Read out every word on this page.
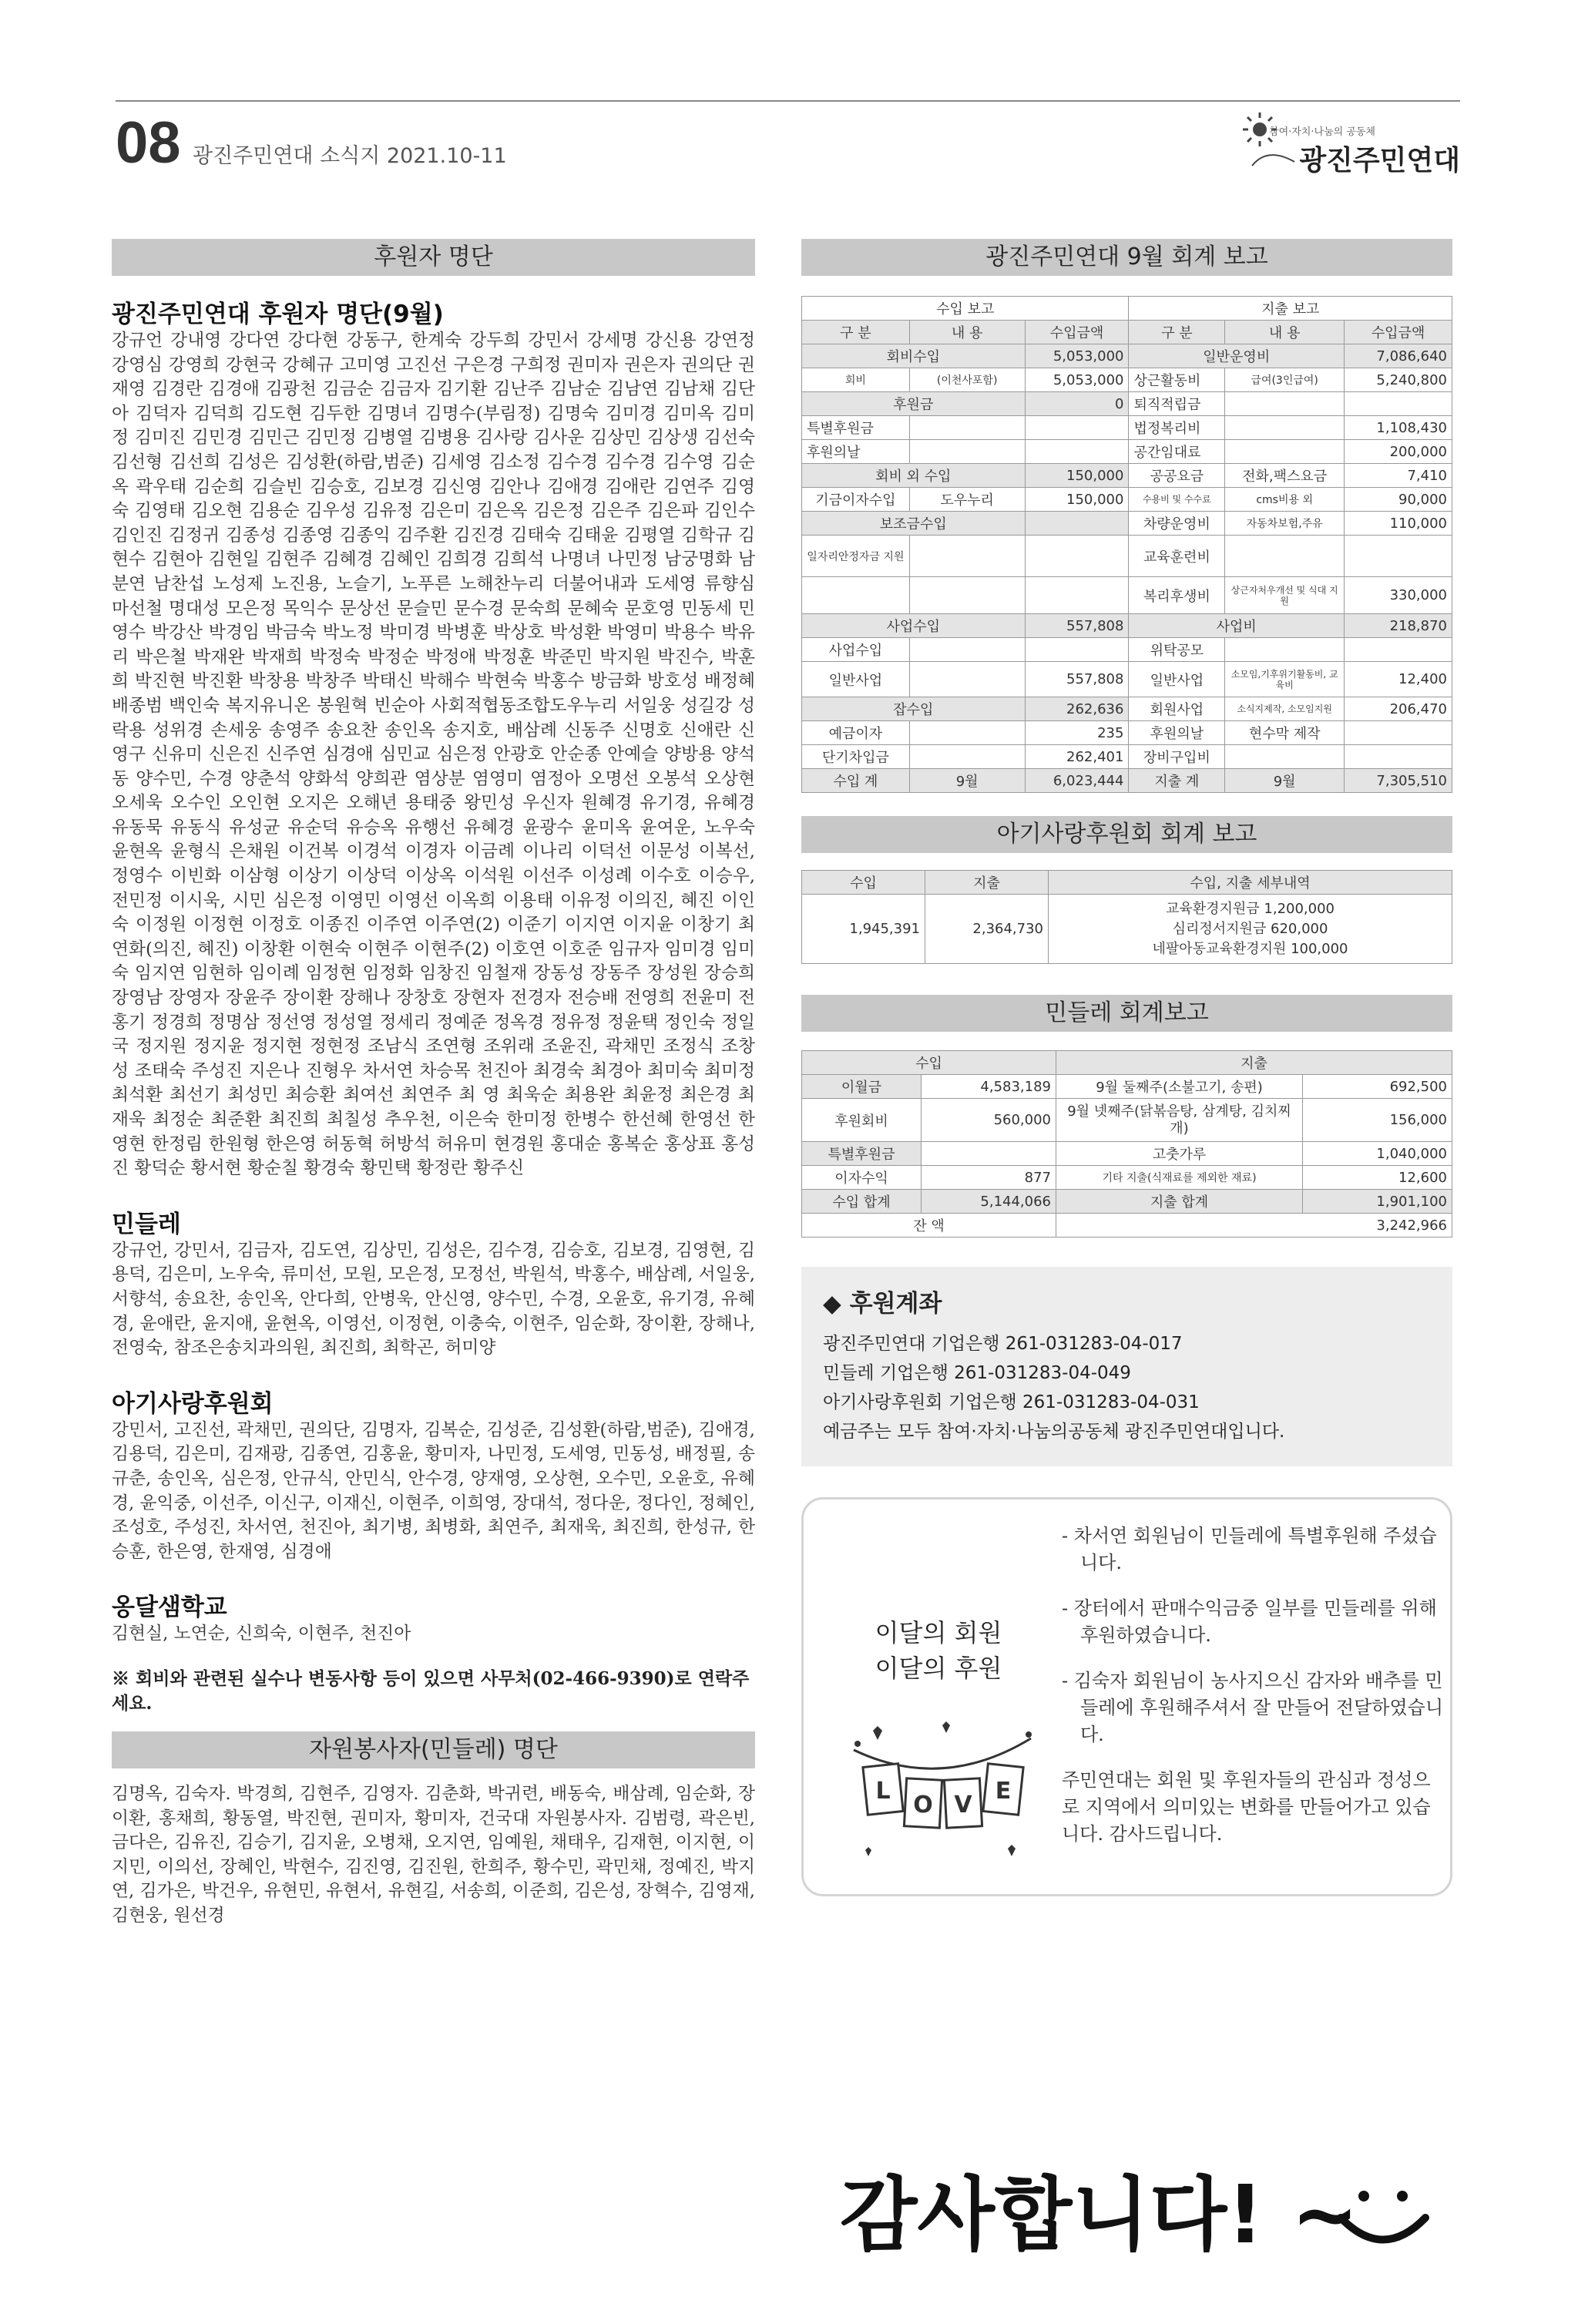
08 광진주민연대 소식지 2021.10-11
참여·자치·나눔의 공동체
광진주민연대
후원자 명단
광진주민연대 후원자 명단(9월)
강규언 강내영 강다연 강다현 강동구, 한계숙 강두희 강민서 강세명 강신용 강연정 강영심 강영희 강현국 강혜규 고미영 고진선 구은경 구희정 권미자 권은자 권의단 권재영 김경란 김경애 김광천 김금순 김금자 김기환 김난주 김남순 김남연 김남채 김단아 김덕자 김덕희 김도현 김두한 김명녀 김명수(부림정) 김명숙 김미경 김미옥 김미정 김미진 김민경 김민근 김민정 김병열 김병용 김사랑 김사운 김상민 김상생 김선숙 김선형 김선희 김성은 김성환(하람,범준) 김세영 김소정 김수경 김수경 김수영 김순옥 곽우태 김순희 김슬빈 김승호, 김보경 김신영 김안나 김애경 김애란 김연주 김영숙 김영태 김오현 김용순 김우성 김유정 김은미 김은옥 김은정 김은주 김은파 김인수 김인진 김정귀 김종성 김종영 김종익 김주환 김진경 김태숙 김태윤 김평열 김학규 김현수 김현아 김현일 김현주 김혜경 김혜인 김희경 김희석 나명녀 나민정 남궁명화 남분연 남찬섭 노성제 노진용, 노슬기, 노푸른 노해찬누리 더불어내과 도세영 류향심 마선철 명대성 모은정 목익수 문상선 문슬민 문수경 문숙희 문혜숙 문호영 민동세 민영수 박강산 박경임 박금숙 박노정 박미경 박병훈 박상호 박성환 박영미 박용수 박유리 박은철 박재완 박재희 박정숙 박정순 박정애 박정훈 박준민 박지원 박진수, 박훈희 박진현 박진환 박창용 박창주 박태신 박해수 박현숙 박홍수 방금화 방호성 배정혜 배종범 백인숙 복지유니온 봉원혁 빈순아 사회적협동조합도우누리 서일웅 성길강 성락용 성위경 손세웅 송영주 송요찬 송인옥 송지호, 배삼례 신동주 신명호 신애란 신영구 신유미 신은진 신주연 심경애 심민교 심은정 안광호 안순종 안예슬 양방용 양석동 양수민, 수경 양춘석 양화석 양희관 염상분 염영미 염정아 오명선 오봉석 오상현 오세욱 오수인 오인현 오지은 오해년 용태중 왕민성 우신자 원혜경 유기경, 유혜경 유동묵 유동식 유성균 유순덕 유승옥 유행선 유혜경 윤광수 윤미옥 윤여운, 노우숙 윤현옥 윤형식 은채원 이건복 이경석 이경자 이금례 이나리 이덕선 이문성 이복선, 정영수 이빈화 이삼형 이상기 이상덕 이상옥 이석원 이선주 이성례 이수호 이승우, 전민정 이시욱, 시민 심은정 이영민 이영선 이옥희 이용태 이유정 이의진, 혜진 이인숙 이정원 이정현 이정호 이종진 이주연 이주연(2) 이준기 이지연 이지윤 이창기 최연화(의진, 혜진) 이창환 이현숙 이현주 이현주(2) 이호연 이호준 임규자 임미경 임미숙 임지연 임현하 임이례 임정현 임정화 임창진 임철재 장동성 장동주 장성원 장승희 장영남 장영자 장윤주 장이환 장해나 장창호 장현자 전경자 전승배 전영희 전윤미 전홍기 정경희 정명삼 정선영 정성열 정세리 정예준 정옥경 정유정 정윤택 정인숙 정일국 정지원 정지윤 정지현 정현정 조남식 조연형 조위래 조윤진, 곽채민 조정식 조창성 조태숙 주성진 지은나 진형우 차서연 차승목 천진아 최경숙 최경아 최미숙 최미정 최석환 최선기 최성민 최승환 최여선 최연주 최 영 최욱순 최용완 최윤정 최은경 최재욱 최정순 최준환 최진희 최칠성 추우천, 이은숙 한미정 한병수 한선혜 한영선 한영현 한정림 한원형 한은영 허동혁 허방석 허유미 현경원 홍대순 홍복순 홍상표 홍성진 황덕순 황서현 황순칠 황경숙 황민택 황정란 황주신
민들레
강규언, 강민서, 김금자, 김도연, 김상민, 김성은, 김수경, 김승호, 김보경, 김영현, 김용덕, 김은미, 노우숙, 류미선, 모원, 모은정, 모정선, 박원석, 박홍수, 배삼례, 서일웅, 서향석, 송요찬, 송인옥, 안다희, 안병욱, 안신영, 양수민, 수경, 오윤호, 유기경, 유혜경, 윤애란, 윤지애, 윤현옥, 이영선, 이정현, 이충숙, 이현주, 임순화, 장이환, 장해나, 전영숙, 참조은송치과의원, 최진희, 최학곤, 허미양
아기사랑후원회
강민서, 고진선, 곽채민, 권의단, 김명자, 김복순, 김성준, 김성환(하람,범준), 김애경, 김용덕, 김은미, 김재광, 김종연, 김홍윤, 황미자, 나민정, 도세영, 민동성, 배정필, 송규춘, 송인옥, 심은정, 안규식, 안민식, 안수경, 양재영, 오상현, 오수민, 오윤호, 유혜경, 윤익중, 이선주, 이신구, 이재신, 이현주, 이희영, 장대석, 정다운, 정다인, 정혜인, 조성호, 주성진, 차서연, 천진아, 최기병, 최병화, 최연주, 최재욱, 최진희, 한성규, 한승훈, 한은영, 한재영, 심경애
옹달샘학교
김현실, 노연순, 신희숙, 이현주, 천진아
※ 회비와 관련된 실수나 변동사항 등이 있으면 사무처(02-466-9390)로 연락주세요.
자원봉사자(민들레) 명단
김명옥, 김숙자. 박경희, 김현주, 김영자. 김춘화, 박귀련, 배동숙, 배삼례, 임순화, 장이환, 홍채희, 황동열, 박진현, 권미자, 황미자, 건국대 자원봉사자. 김범령, 곽은빈, 금다은, 김유진, 김승기, 김지윤, 오병채, 오지연, 임예원, 채태우, 김재현, 이지현, 이지민, 이의선, 장혜인, 박현수, 김진영, 김진원, 한희주, 황수민, 곽민채, 정예진, 박지연, 김가은, 박건우, 유현민, 유현서, 유현길, 서송희, 이준희, 김은성, 장혁수, 김영재, 김현웅, 원선경
광진주민연대 9월 회계 보고
수입 보고			지출 보고		
구 분	내 용	수입금액	구 분	내 용	수입금액
회비수입		5,053,000	일반운영비		7,086,640
회비	(이천사포함)	5,053,000	상근활동비	급여(3인급여)	5,240,800
후원금		0	퇴직적립금		
특별후원금			법정복리비		1,108,430
후원의날			공간임대료		200,000
회비 외 수입		150,000	공공요금	전화,팩스요금	7,410
기금이자수입	도우누리	150,000	수용비 및 수수료	cms비용 외	90,000
보조금수입			차량운영비	자동차보험,주유	110,000
일자리안정자금 지원			교육훈련비		
			복리후생비	상근자처우개선 및 식대 지원	330,000
사업수입		557,808	사업비		218,870
사업수입			위탁공모		
일반사업		557,808	일반사업	소모임,기후위기활동비, 교육비	12,400
잡수입		262,636	회원사업	소식지제작, 소모임지원	206,470
예금이자		235	후원의날	현수막 제작	
단기차입금		262,401	장비구입비		
수입 계	9월	6,023,444	지출 계	9월	7,305,510
아기사랑후원회 회계 보고
수입	지출	수입, 지출 세부내역
1,945,391	2,364,730	교육환경지원금 1,200,000
심리정서지원금 620,000
네팔아동교육환경지원 100,000
민들레 회계보고
수입		지출	
이월금	4,583,189	9월 둘째주(소불고기, 송편)	692,500
후원회비	560,000	9월 넷째주(닭볶음탕, 삼계탕, 김치찌개)	156,000
특별후원금		고춧가루	1,040,000
이자수익	877	기타 지출(식재료를 제외한 재료)	12,600
수입 합계	5,144,066	지출 합계	1,901,100
잔 액		3,242,966	
◆ 후원계좌
광진주민연대 기업은행 261-031283-04-017
민들레 기업은행 261-031283-04-049
아기사랑후원회 기업은행 261-031283-04-031
예금주는 모두 참여·자치·나눔의공동체 광진주민연대입니다.
이달의 회원
이달의 후원
L
O V
E

- 차서연 회원님이 민들레에 특별후원해 주셨습니다.

- 장터에서 판매수익금중 일부를 민들레를 위해 후원하였습니다.

- 김숙자 회원님이 농사지으신 감자와 배추를 민들레에 후원해주셔서 잘 만들어 전달하였습니다.

주민연대는 회원 및 후원자들의 관심과 정성으로 지역에서 의미있는 변화를 만들어가고 있습니다. 감사드립니다.

감사합니다! ~
